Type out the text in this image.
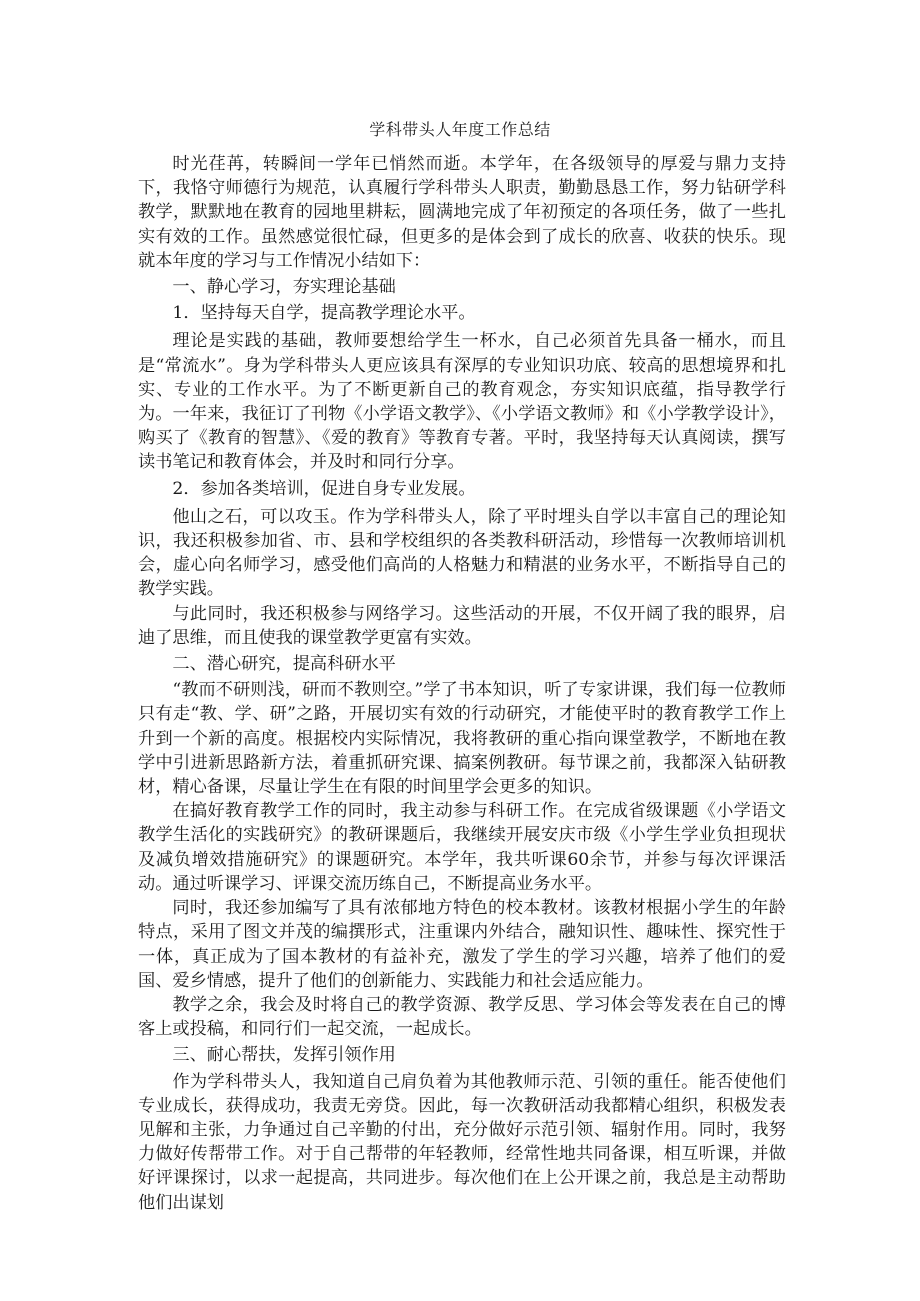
学科带头人年度工作总结

时光荏苒，转瞬间一学年已悄然而逝。本学年，在各级领导的厚爱与鼎力支持下，我恪守师德行为规范，认真履行学科带头人职责，勤勤恳恳工作，努力钻研学科教学，默默地在教育的园地里耕耘，圆满地完成了年初预定的各项任务，做了一些扎实有效的工作。虽然感觉很忙碌，但更多的是体会到了成长的欣喜、收获的快乐。现就本年度的学习与工作情况小结如下：

一、静心学习，夯实理论基础

1．坚持每天自学，提高教学理论水平。

理论是实践的基础，教师要想给学生一杯水，自己必须首先具备一桶水，而且是“常流水”。身为学科带头人更应该具有深厚的专业知识功底、较高的思想境界和扎实、专业的工作水平。为了不断更新自己的教育观念，夯实知识底蕴，指导教学行为。一年来，我征订了刊物《小学语文教学》、《小学语文教师》和《小学教学设计》，购买了《教育的智慧》、《爱的教育》等教育专著。平时，我坚持每天认真阅读，撰写读书笔记和教育体会，并及时和同行分享。

2．参加各类培训，促进自身专业发展。

他山之石，可以攻玉。作为学科带头人，除了平时埋头自学以丰富自己的理论知识，我还积极参加省、市、县和学校组织的各类教科研活动，珍惜每一次教师培训机会，虚心向名师学习，感受他们高尚的人格魅力和精湛的业务水平，不断指导自己的教学实践。

与此同时，我还积极参与网络学习。这些活动的开展，不仅开阔了我的眼界，启迪了思维，而且使我的课堂教学更富有实效。

二、潜心研究，提高科研水平

“教而不研则浅，研而不教则空。”学了书本知识，听了专家讲课，我们每一位教师只有走“教、学、研”之路，开展切实有效的行动研究，才能使平时的教育教学工作上升到一个新的高度。根据校内实际情况，我将教研的重心指向课堂教学，不断地在教学中引进新思路新方法，着重抓研究课、搞案例教研。每节课之前，我都深入钻研教材，精心备课，尽量让学生在有限的时间里学会更多的知识。

在搞好教育教学工作的同时，我主动参与科研工作。在完成省级课题《小学语文教学生活化的实践研究》的教研课题后，我继续开展安庆市级《小学生学业负担现状及减负增效措施研究》的课题研究。本学年，我共听课60余节，并参与每次评课活动。通过听课学习、评课交流历练自己，不断提高业务水平。

同时，我还参加编写了具有浓郁地方特色的校本教材。该教材根据小学生的年龄特点，采用了图文并茂的编撰形式，注重课内外结合，融知识性、趣味性、探究性于一体，真正成为了国本教材的有益补充，激发了学生的学习兴趣，培养了他们的爱国、爱乡情感，提升了他们的创新能力、实践能力和社会适应能力。

教学之余，我会及时将自己的教学资源、教学反思、学习体会等发表在自己的博客上或投稿，和同行们一起交流，一起成长。

三、耐心帮扶，发挥引领作用

作为学科带头人，我知道自己肩负着为其他教师示范、引领的重任。能否使他们专业成长，获得成功，我责无旁贷。因此，每一次教研活动我都精心组织，积极发表见解和主张，力争通过自己辛勤的付出，充分做好示范引领、辐射作用。同时，我努力做好传帮带工作。对于自己帮带的年轻教师，经常性地共同备课，相互听课，并做好评课探讨，以求一起提高，共同进步。每次他们在上公开课之前，我总是主动帮助他们出谋划
